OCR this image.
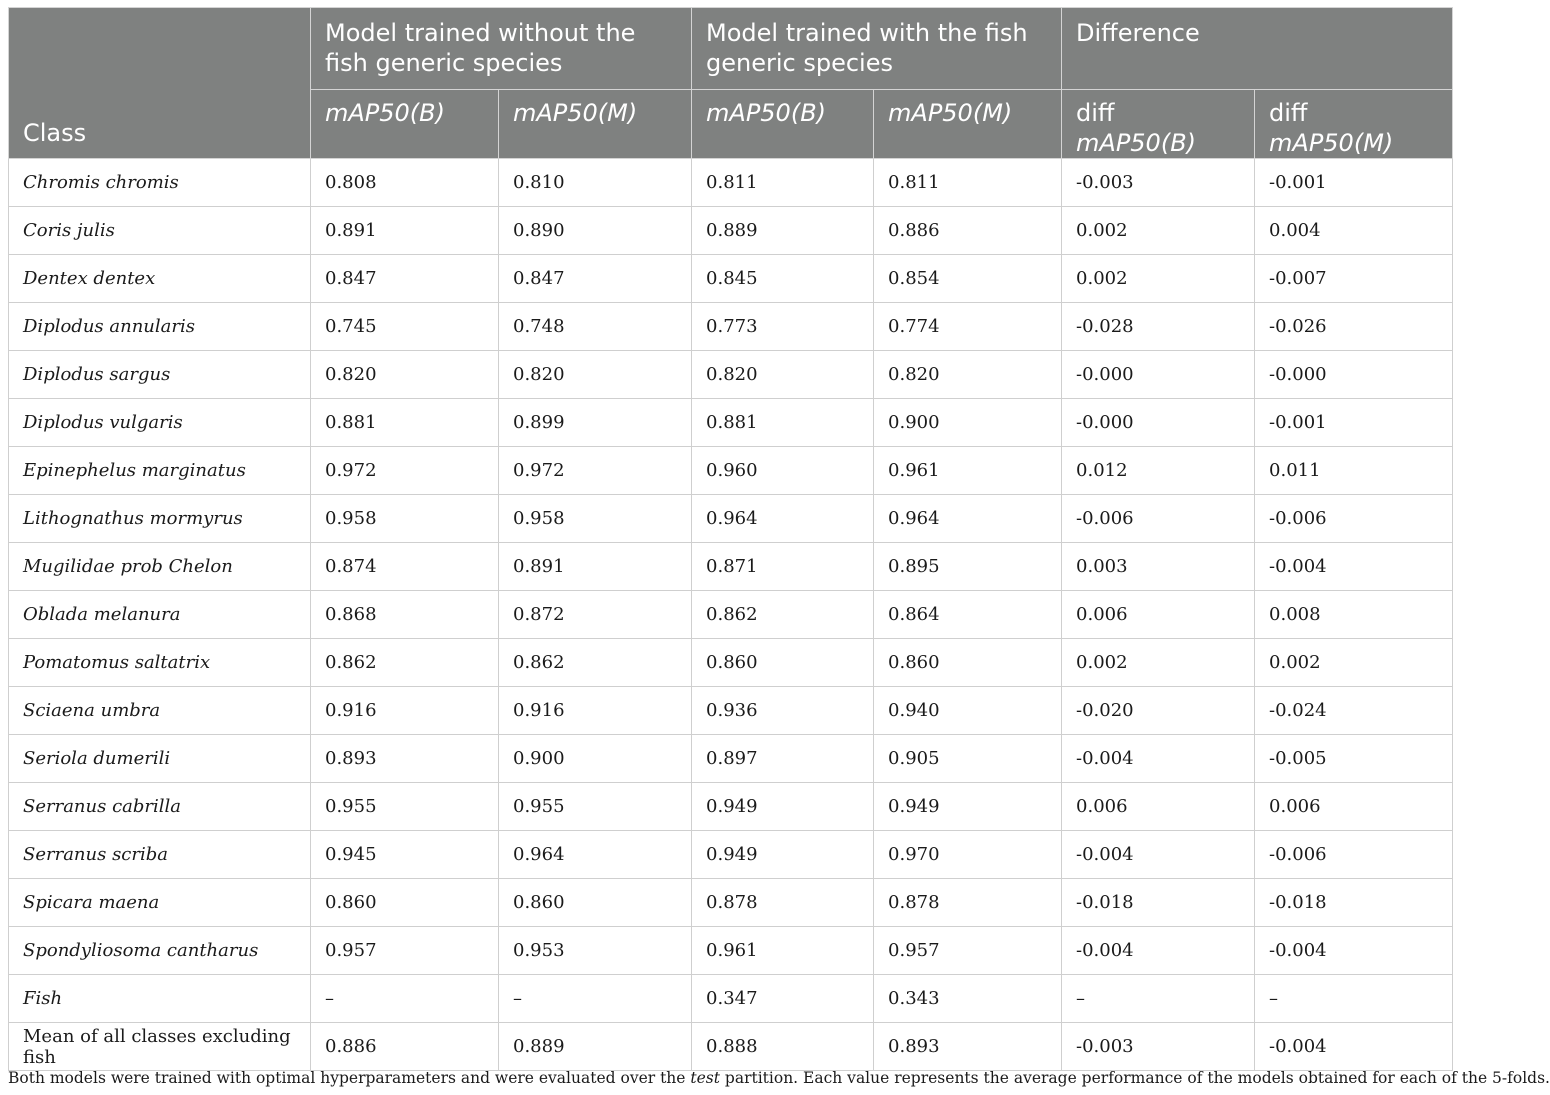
Class	Model trained without the fish generic species		Model trained with the fish generic species		Difference	
	mAP50(B)	mAP50(M)	mAP50(B)	mAP50(M)	diff mAP50(B)	diff mAP50(M)
Chromis chromis	0.808	0.810	0.811	0.811	-0.003	-0.001
Coris julis	0.891	0.890	0.889	0.886	0.002	0.004
Dentex dentex	0.847	0.847	0.845	0.854	0.002	-0.007
Diplodus annularis	0.745	0.748	0.773	0.774	-0.028	-0.026
Diplodus sargus	0.820	0.820	0.820	0.820	-0.000	-0.000
Diplodus vulgaris	0.881	0.899	0.881	0.900	-0.000	-0.001
Epinephelus marginatus	0.972	0.972	0.960	0.961	0.012	0.011
Lithognathus mormyrus	0.958	0.958	0.964	0.964	-0.006	-0.006
Mugilidae prob Chelon	0.874	0.891	0.871	0.895	0.003	-0.004
Oblada melanura	0.868	0.872	0.862	0.864	0.006	0.008
Pomatomus saltatrix	0.862	0.862	0.860	0.860	0.002	0.002
Sciaena umbra	0.916	0.916	0.936	0.940	-0.020	-0.024
Seriola dumerili	0.893	0.900	0.897	0.905	-0.004	-0.005
Serranus cabrilla	0.955	0.955	0.949	0.949	0.006	0.006
Serranus scriba	0.945	0.964	0.949	0.970	-0.004	-0.006
Spicara maena	0.860	0.860	0.878	0.878	-0.018	-0.018
Spondyliosoma cantharus	0.957	0.953	0.961	0.957	-0.004	-0.004
Fish	–	–	0.347	0.343	–	–
Mean of all classes excluding fish	0.886	0.889	0.888	0.893	-0.003	-0.004
Both models were trained with optimal hyperparameters and were evaluated over the test partition. Each value represents the average performance of the models obtained for each of the 5-folds.
